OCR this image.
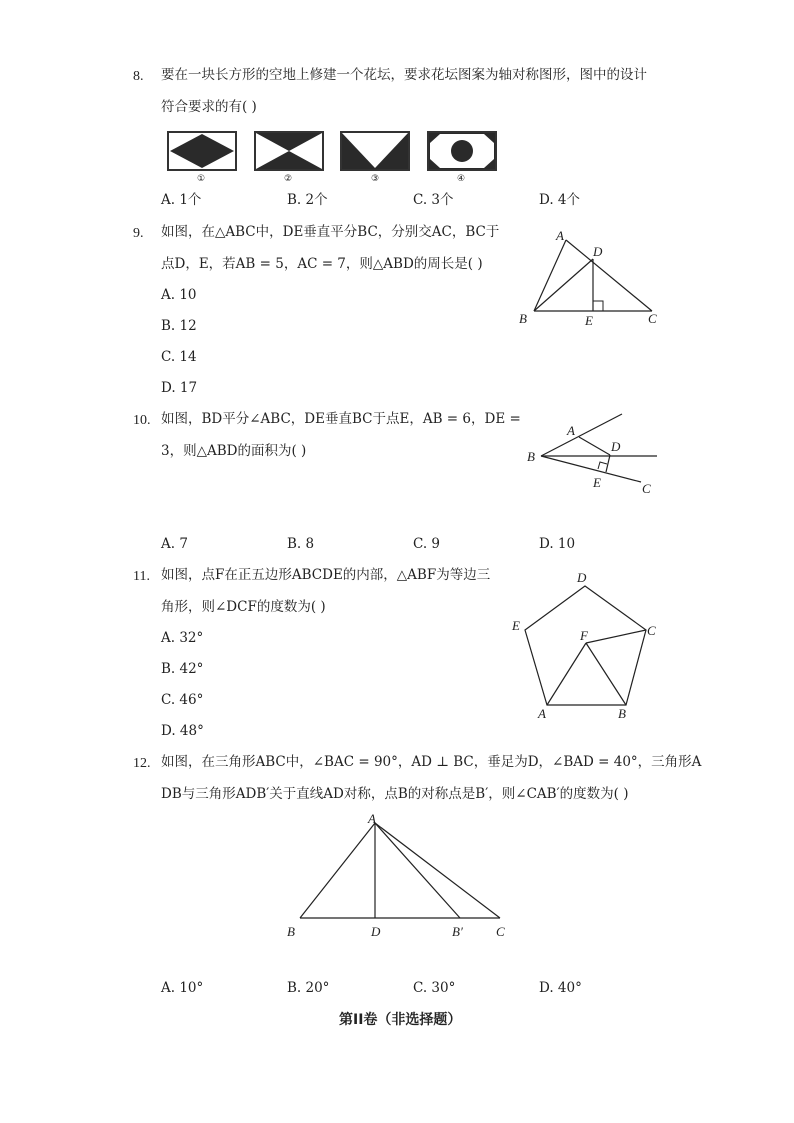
8. 要在一块长方形的空地上修建一个花坛，要求花坛图案为轴对称图形，图中的设计
符合要求的有( )
①	②	③	④
A. 1个	B. 2个	C. 3个	D. 4个
9. 如图，在△ABC中，DE垂直平分BC，分别交AC，BC于
点D，E，若AB = 5，AC = 7，则△ABD的周长是( )
A. 10
B. 12
C. 14
D. 17
A
D
B	E	C
10. 如图，BD平分∠ABC，DE垂直BC于点E，AB = 6，DE =
3，则△ABD的面积为( )
A
D
B
E	C
A. 7	B. 8	C. 9	D. 10
11. 如图，点F在正五边形ABCDE的内部，△ABF为等边三
角形，则∠DCF的度数为( )
A. 32°
B. 42°
C. 46°
D. 48°
D
E
F	C
A	B
12. 如图，在三角形ABC中，∠BAC = 90°，AD ⊥ BC，垂足为D，∠BAD = 40°，三角形A
DB与三角形ADB′关于直线AD对称，点B的对称点是B′，则∠CAB′的度数为( )
A
B	D	B′	C
A. 10°	B. 20°	C. 30°	D. 40°
第II卷（非选择题）
